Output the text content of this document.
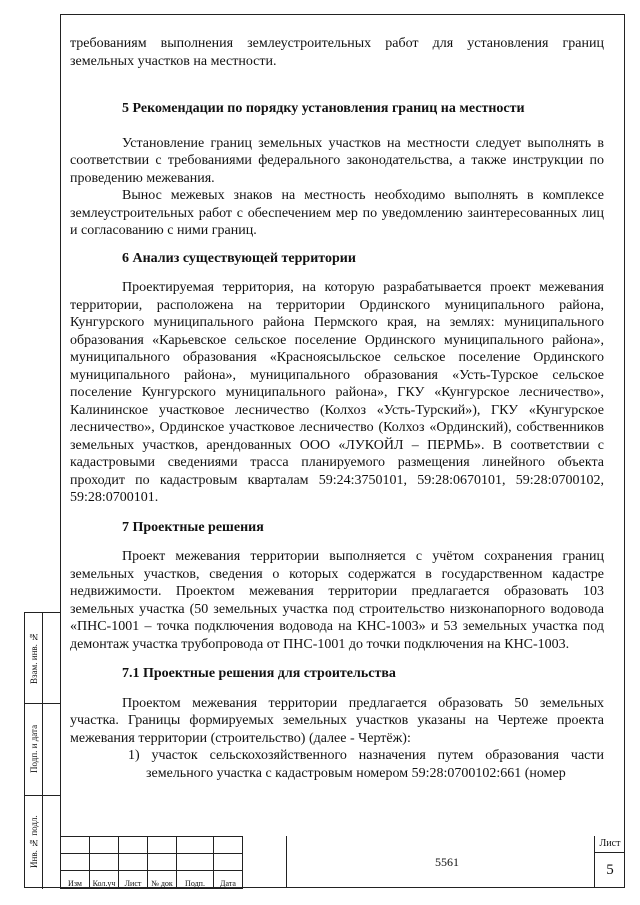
Взам. инв. №
Подп. и дата
Инв. № подл.

требованиям выполнения землеустроительных работ для установления границ земельных участков на местности.

5 Рекомендации по порядку установления границ на местности

Установление границ земельных участков на местности следует выполнять в соответствии с требованиями федерального законодательства, а также инструкции по проведению межевания.

Вынос межевых знаков на местность необходимо выполнять в комплексе землеустроительных работ с обеспечением мер по уведомлению заинтересованных лиц и согласованию с ними границ.

6 Анализ существующей территории

Проектируемая территория, на которую разрабатывается проект межевания территории, расположена на территории Ординского муниципального района, Кунгурского муниципального района Пермского края, на землях: муниципального образования «Карьевское сельское поселение Ординского муниципального района», муниципального образования «Красноясыльское сельское поселение Ординского муниципального района», муниципального образования «Усть-Турское сельское поселение Кунгурского муниципального района», ГКУ «Кунгурское лесничество», Калининское участковое лесничество (Колхоз «Усть-Турский»), ГКУ «Кунгурское лесничество», Ординское участковое лесничество (Колхоз «Ординский), собственников земельных участков, арендованных ООО «ЛУКОЙЛ – ПЕРМЬ». В соответствии с кадастровыми сведениями трасса планируемого размещения линейного объекта проходит по кадастровым кварталам 59:24:3750101, 59:28:0670101, 59:28:0700102, 59:28:0700101.

7 Проектные решения

Проект межевания территории выполняется с учётом сохранения границ земельных участков, сведения о которых содержатся в государственном кадастре недвижимости. Проектом межевания территории предлагается образовать 103 земельных участка (50 земельных участка под строительство низконапорного водовода «ПНС-1001 – точка подключения водовода на КНС-1003» и 53 земельных участка под демонтаж участка трубопровода от ПНС-1001 до точки подключения на КНС-1003.

7.1 Проектные решения для строительства

Проектом межевания территории предлагается образовать 50 земельных участка. Границы формируемых земельных участков указаны на Чертеже проекта межевания территории (строительство) (далее - Чертёж):

1) участок сельскохозяйственного назначения путем образования части земельного участка с кадастровым номером 59:28:0700102:661 (номер

Изм	Кол.уч	Лист	№ док	Подп.	Дата
5561
Лист
5
